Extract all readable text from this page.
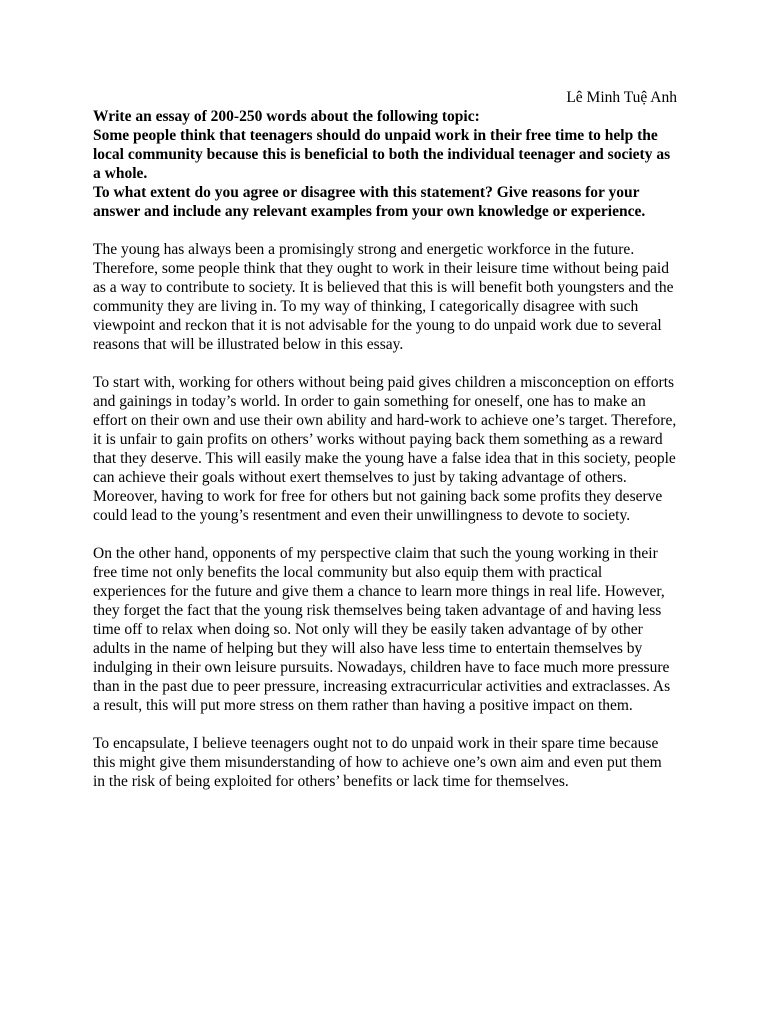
Lê Minh Tuệ Anh

Write an essay of 200-250 words about the following topic:

Some people think that teenagers should do unpaid work in their free time to help the local community because this is beneficial to both the individual teenager and society as a whole.

To what extent do you agree or disagree with this statement? Give reasons for your answer and include any relevant examples from your own knowledge or experience.

The young has always been a promisingly strong and energetic workforce in the future. Therefore, some people think that they ought to work in their leisure time without being paid as a way to contribute to society. It is believed that this is will benefit both youngsters and the community they are living in. To my way of thinking, I categorically disagree with such viewpoint and reckon that it is not advisable for the young to do unpaid work due to several reasons that will be illustrated below in this essay.

To start with, working for others without being paid gives children a misconception on efforts and gainings in today’s world. In order to gain something for oneself, one has to make an effort on their own and use their own ability and hard-work to achieve one’s target. Therefore, it is unfair to gain profits on others’ works without paying back them something as a reward that they deserve. This will easily make the young have a false idea that in this society, people can achieve their goals without exert themselves to just by taking advantage of others. Moreover, having to work for free for others but not gaining back some profits they deserve could lead to the young’s resentment and even their unwillingness to devote to society.

On the other hand, opponents of my perspective claim that such the young working in their free time not only benefits the local community but also equip them with practical experiences for the future and give them a chance to learn more things in real life. However, they forget the fact that the young risk themselves being taken advantage of and having less time off to relax when doing so. Not only will they be easily taken advantage of by other adults in the name of helping but they will also have less time to entertain themselves by indulging in their own leisure pursuits. Nowadays, children have to face much more pressure than in the past due to peer pressure, increasing extracurricular activities and extraclasses. As a result, this will put more stress on them rather than having a positive impact on them.

To encapsulate, I believe teenagers ought not to do unpaid work in their spare time because this might give them misunderstanding of how to achieve one’s own aim and even put them in the risk of being exploited for others’ benefits or lack time for themselves.
